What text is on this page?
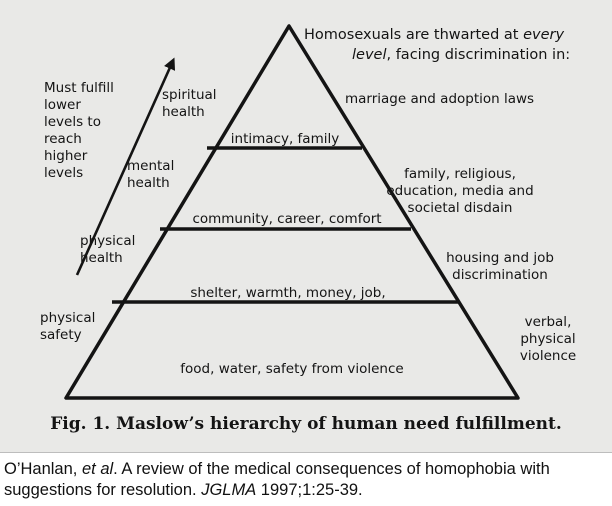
Homosexuals are thwarted at every
level, facing discrimination in:
Must fulfill
lower
levels to
reach
higher
levels
spiritual
health
mental
health
physical
health
physical
safety
intimacy, family
community, career, comfort
shelter, warmth, money, job,
food, water, safety from violence
marriage and adoption laws
family, religious,
education, media and
societal disdain
housing and job
discrimination
verbal,
physical
violence
Fig. 1. Maslow’s hierarchy of human need fulfillment.
O’Hanlan, et al. A review of the medical consequences of homophobia with suggestions for resolution. JGLMA 1997;1:25-39.
